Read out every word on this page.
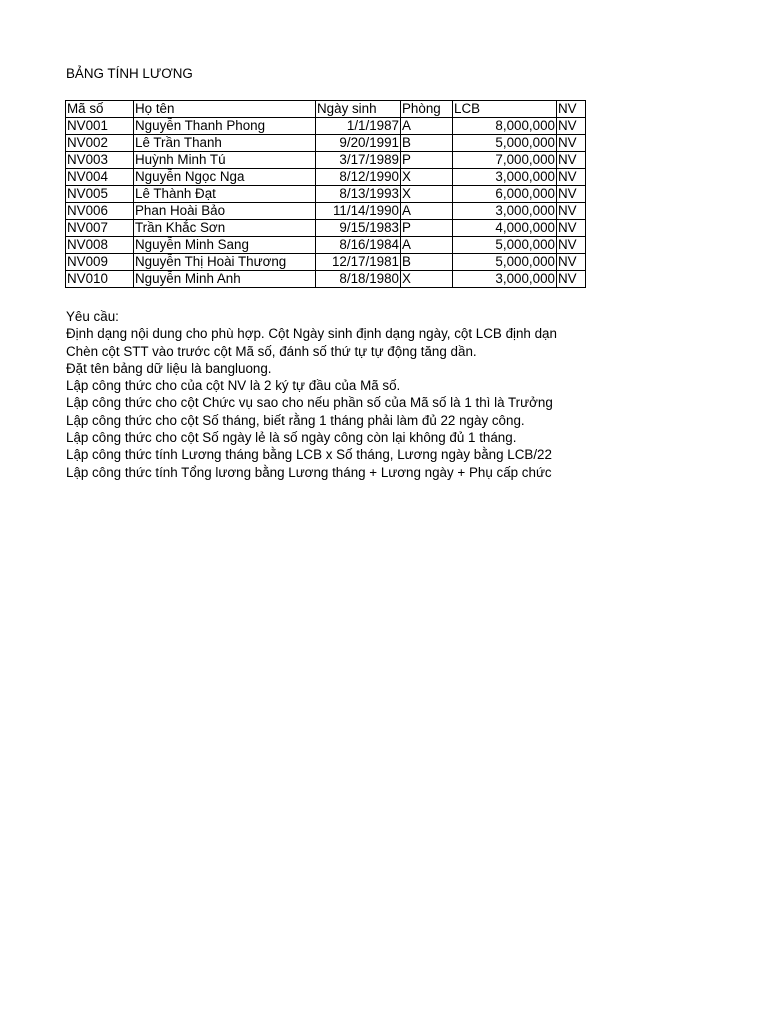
BẢNG TÍNH LƯƠNG
Mã số	Họ tên	Ngày sinh	Phòng	LCB	NV
NV001	Nguyễn Thanh Phong	1/1/1987	A	8,000,000	NV
NV002	Lê Trần Thanh	9/20/1991	B	5,000,000	NV
NV003	Huỳnh Minh Tú	3/17/1989	P	7,000,000	NV
NV004	Nguyễn Ngọc Nga	8/12/1990	X	3,000,000	NV
NV005	Lê Thành Đạt	8/13/1993	X	6,000,000	NV
NV006	Phan Hoài Bảo	11/14/1990	A	3,000,000	NV
NV007	Trần Khắc Sơn	9/15/1983	P	4,000,000	NV
NV008	Nguyễn Minh Sang	8/16/1984	A	5,000,000	NV
NV009	Nguyễn Thị Hoài Thương	12/17/1981	B	5,000,000	NV
NV010	Nguyễn Minh Anh	8/18/1980	X	3,000,000	NV
Yêu cầu:
Định dạng nội dung cho phù hợp. Cột Ngày sinh định dạng ngày, cột LCB định dạn
Chèn cột STT vào trước cột Mã số, đánh số thứ tự tự động tăng dần.
Đặt tên bảng dữ liệu là bangluong.
Lập công thức cho của cột NV là 2 ký tự đầu của Mã số.
Lập công thức cho cột Chức vụ sao cho nếu phần số của Mã số là 1 thì là Trưởng
Lập công thức cho cột Số tháng, biết rằng 1 tháng phải làm đủ 22 ngày công.
Lập công thức cho cột Số ngày lẻ là số ngày công còn lại không đủ 1 tháng.
Lập công thức tính Lương tháng bằng LCB x Số tháng, Lương ngày bằng LCB/22
Lập công thức tính Tổng lương bằng Lương tháng + Lương ngày + Phụ cấp chức
